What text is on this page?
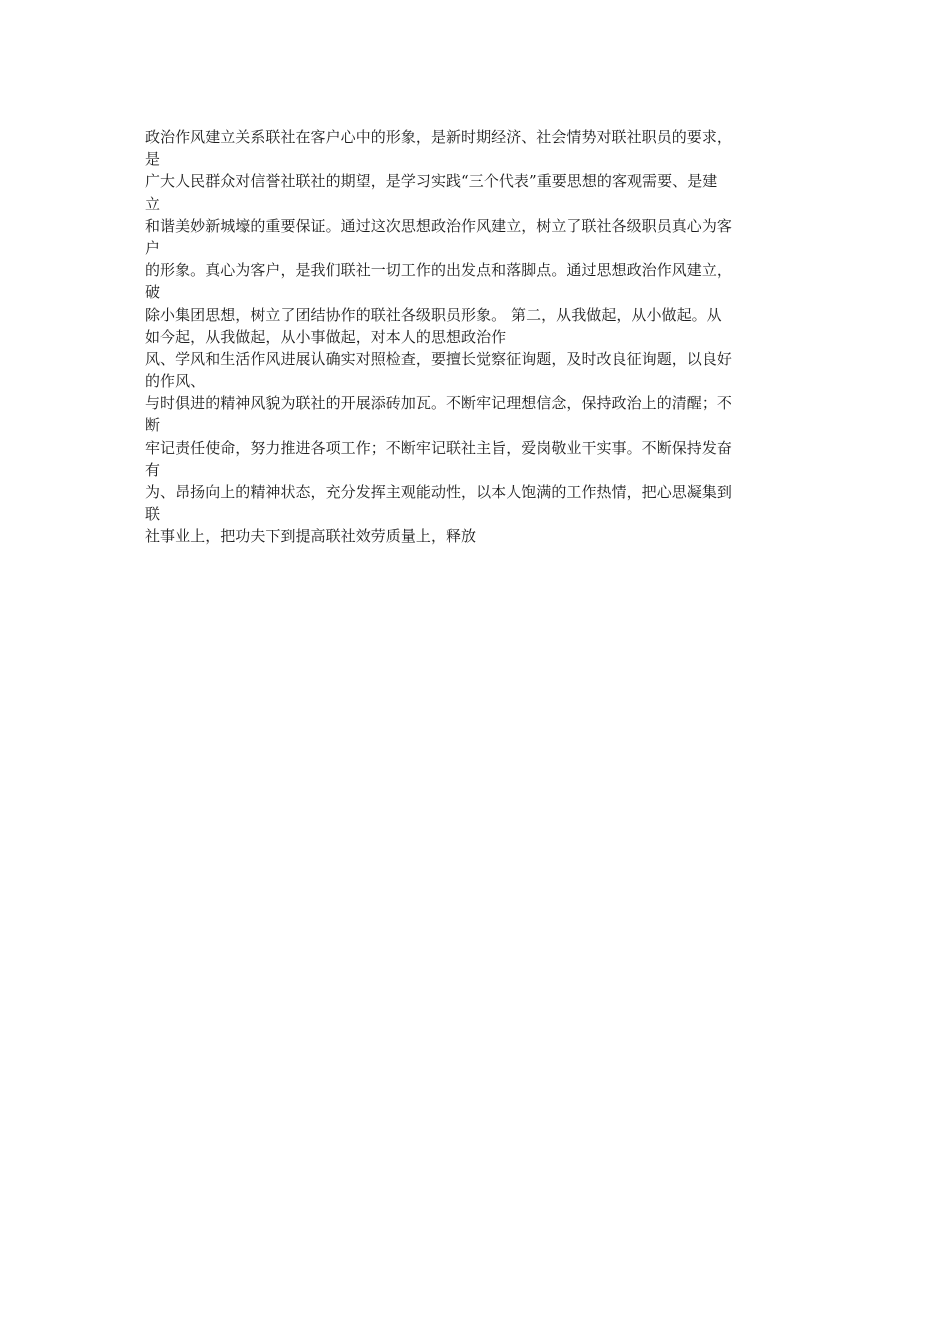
政治作风建立关系联社在客户心中的形象，是新时期经济、社会情势对联社职员的要求，
是
广大人民群众对信誉社联社的期望，是学习实践“三个代表”重要思想的客观需要、是建
立
和谐美妙新城壕的重要保证。通过这次思想政治作风建立，树立了联社各级职员真心为客
户
的形象。真心为客户，是我们联社一切工作的出发点和落脚点。通过思想政治作风建立，
破
除小集团思想，树立了团结协作的联社各级职员形象。 第二，从我做起，从小做起。从
如今起，从我做起，从小事做起，对本人的思想政治作
风、学风和生活作风进展认确实对照检查，要擅长觉察征询题，及时改良征询题，以良好
的作风、
与时俱进的精神风貌为联社的开展添砖加瓦。不断牢记理想信念，保持政治上的清醒；不
断
牢记责任使命，努力推进各项工作；不断牢记联社主旨，爱岗敬业干实事。不断保持发奋
有
为、昂扬向上的精神状态，充分发挥主观能动性，以本人饱满的工作热情，把心思凝集到
联
社事业上，把功夫下到提高联社效劳质量上，释放
